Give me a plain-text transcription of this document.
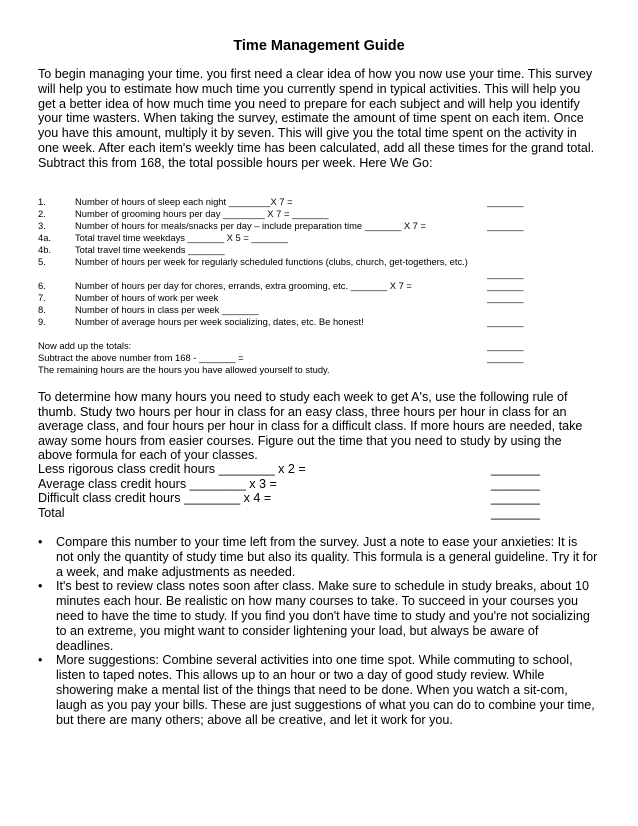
Time Management Guide
To begin managing your time. you first need a clear idea of how you now use your time. This survey will help you to estimate how much time you currently spend in typical activities. This will help you get a better idea of how much time you need to prepare for each subject and will help you identify your time wasters. When taking the survey, estimate the amount of time spent on each item. Once you have this amount, multiply it by seven. This will give you the total time spent on the activity in one week. After each item's weekly time has been calculated, add all these times for the grand total. Subtract this from 168, the total possible hours per week. Here We Go:
1.	Number of hours of sleep each night ________X 7 =	_______
2.	Number of grooming hours per day ________ X 7 = _______
3.	Number of hours for meals/snacks per day – include preparation time _______ X 7 =	_______
4a.	Total travel time weekdays _______ X 5 = _______
4b.	Total travel time weekends _______
5.	Number of hours per week for regularly scheduled functions (clubs, church, get-togethers, etc.)
_______
6.	Number of hours per day for chores, errands, extra grooming, etc. _______ X 7 =	_______
7.	Number of hours of work per week	_______
8.	Number of hours in class per week _______
9.	Number of average hours per week socializing, dates, etc. Be honest!	_______
Now add up the totals:	_______
Subtract the above number from 168 - _______ =	_______
The remaining hours are the hours you have allowed yourself to study.
To determine how many hours you need to study each week to get A's, use the following rule of thumb. Study two hours per hour in class for an easy class, three hours per hour in class for an average class, and four hours per hour in class for a difficult class. If more hours are needed, take away some hours from easier courses. Figure out the time that you need to study by using the above formula for each of your classes.
Less rigorous class credit hours ________ x 2 =	_______
Average class credit hours ________ x 3 =	_______
Difficult class credit hours ________ x 4 =	_______
Total	_______
• Compare this number to your time left from the survey. Just a note to ease your anxieties: It is not only the quantity of study time but also its quality. This formula is a general guideline. Try it for a week, and make adjustments as needed.
• It's best to review class notes soon after class. Make sure to schedule in study breaks, about 10 minutes each hour. Be realistic on how many courses to take. To succeed in your courses you need to have the time to study. If you find you don't have time to study and you're not socializing to an extreme, you might want to consider lightening your load, but always be aware of deadlines.
• More suggestions: Combine several activities into one time spot. While commuting to school, listen to taped notes. This allows up to an hour or two a day of good study review. While showering make a mental list of the things that need to be done. When you watch a sit-com, laugh as you pay your bills. These are just suggestions of what you can do to combine your time, but there are many others; above all be creative, and let it work for you.
